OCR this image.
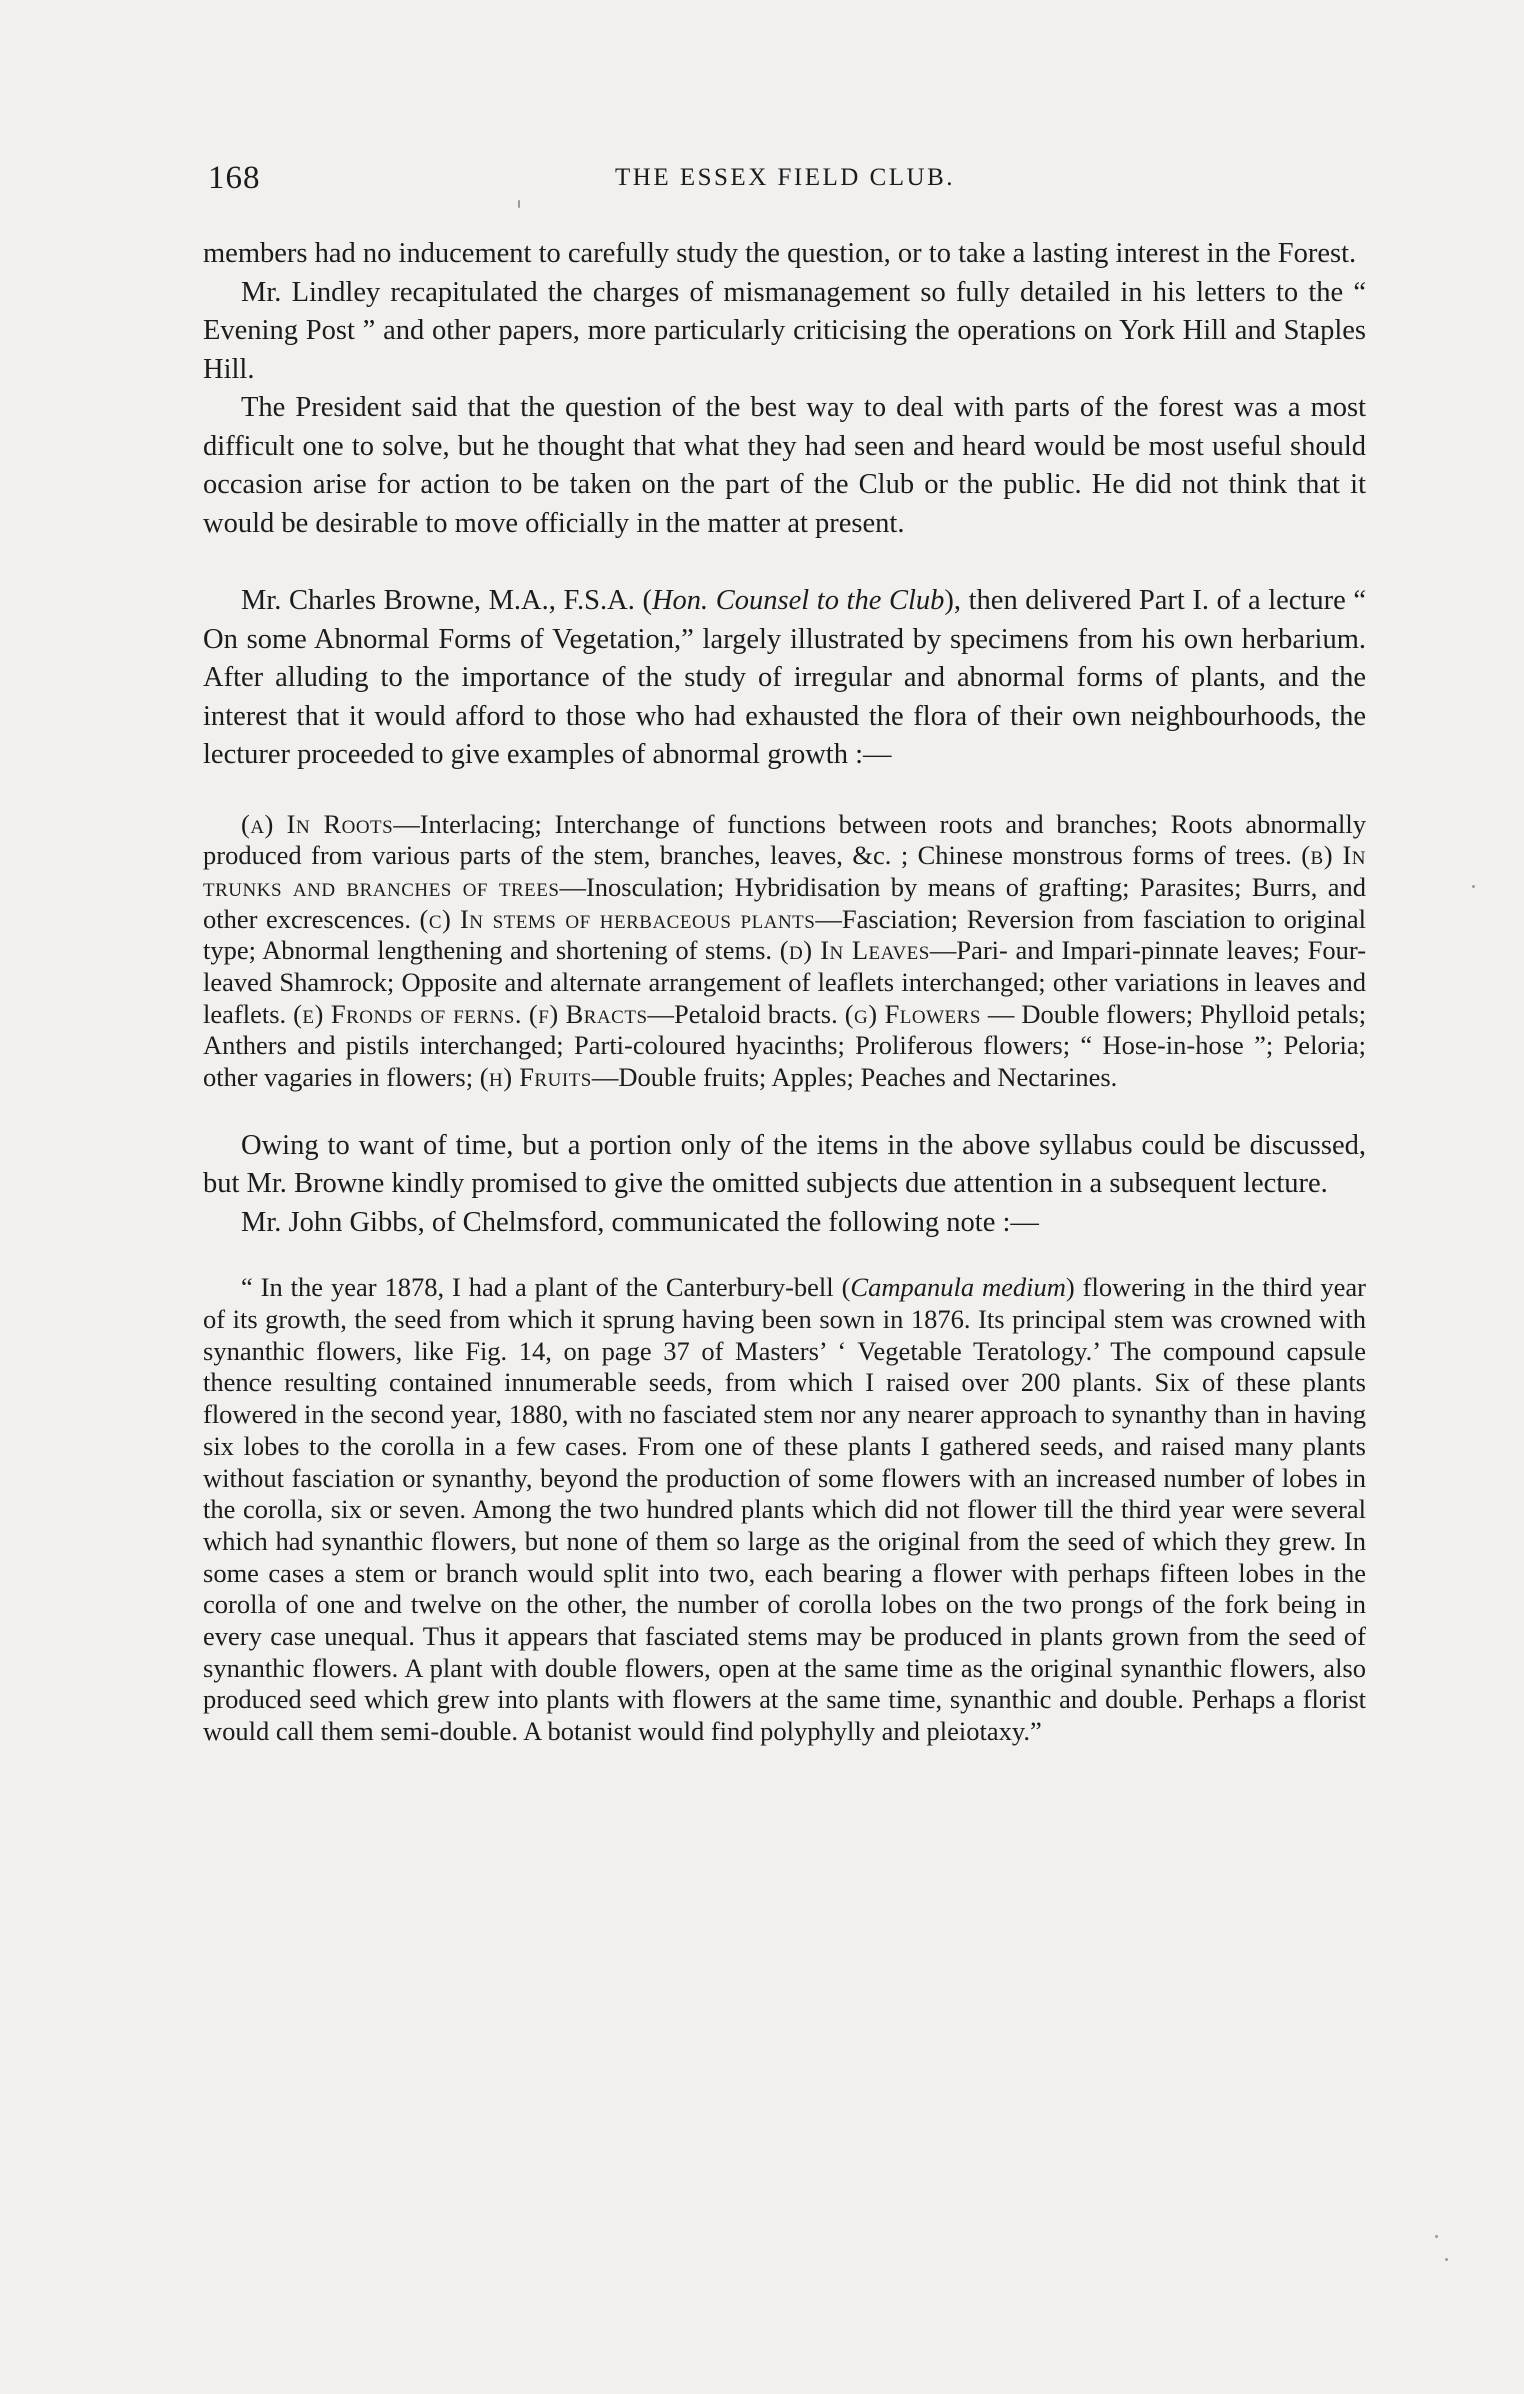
168	THE ESSEX FIELD CLUB.

members had no inducement to carefully study the question, or to take a lasting interest in the Forest.

Mr. Lindley recapitulated the charges of mismanagement so fully detailed in his letters to the “ Evening Post ” and other papers, more particularly criticising the operations on York Hill and Staples Hill.

The President said that the question of the best way to deal with parts of the forest was a most difficult one to solve, but he thought that what they had seen and heard would be most useful should occasion arise for action to be taken on the part of the Club or the public. He did not think that it would be desirable to move officially in the matter at present.

Mr. Charles Browne, M.A., F.S.A. (Hon. Counsel to the Club), then delivered Part I. of a lecture “ On some Abnormal Forms of Vegetation,” largely illustrated by specimens from his own herbarium. After alluding to the importance of the study of irregular and abnormal forms of plants, and the interest that it would afford to those who had exhausted the flora of their own neighbourhoods, the lecturer proceeded to give examples of abnormal growth :—

(a) In Roots—Interlacing; Interchange of functions between roots and branches; Roots abnormally produced from various parts of the stem, branches, leaves, &c. ; Chinese monstrous forms of trees. (b) In trunks and branches of trees—Inosculation; Hybridisation by means of grafting; Parasites; Burrs, and other excrescences. (c) In stems of herbaceous plants—Fasciation; Reversion from fasciation to original type; Abnormal lengthening and shortening of stems. (d) In Leaves—Pari- and Impari-pinnate leaves; Four-leaved Shamrock; Opposite and alternate arrangement of leaflets interchanged; other variations in leaves and leaflets. (e) Fronds of ferns. (f) Bracts—Petaloid bracts. (g) Flowers — Double flowers; Phylloid petals; Anthers and pistils interchanged; Parti-coloured hyacinths; Proliferous flowers; “ Hose-in-hose ”; Peloria; other vagaries in flowers; (h) Fruits—Double fruits; Apples; Peaches and Nectarines.

Owing to want of time, but a portion only of the items in the above syllabus could be discussed, but Mr. Browne kindly promised to give the omitted subjects due attention in a subsequent lecture.

Mr. John Gibbs, of Chelmsford, communicated the following note :—

“ In the year 1878, I had a plant of the Canterbury-bell (Campanula medium) flowering in the third year of its growth, the seed from which it sprung having been sown in 1876. Its principal stem was crowned with synanthic flowers, like Fig. 14, on page 37 of Masters’ ‘ Vegetable Teratology.’ The compound capsule thence resulting contained innumerable seeds, from which I raised over 200 plants. Six of these plants flowered in the second year, 1880, with no fasciated stem nor any nearer approach to synanthy than in having six lobes to the corolla in a few cases. From one of these plants I gathered seeds, and raised many plants without fasciation or synanthy, beyond the production of some flowers with an increased number of lobes in the corolla, six or seven. Among the two hundred plants which did not flower till the third year were several which had synanthic flowers, but none of them so large as the original from the seed of which they grew. In some cases a stem or branch would split into two, each bearing a flower with perhaps fifteen lobes in the corolla of one and twelve on the other, the number of corolla lobes on the two prongs of the fork being in every case unequal. Thus it appears that fasciated stems may be produced in plants grown from the seed of synanthic flowers. A plant with double flowers, open at the same time as the original synanthic flowers, also produced seed which grew into plants with flowers at the same time, synanthic and double. Perhaps a florist would call them semi-double. A botanist would find polyphylly and pleiotaxy.”
